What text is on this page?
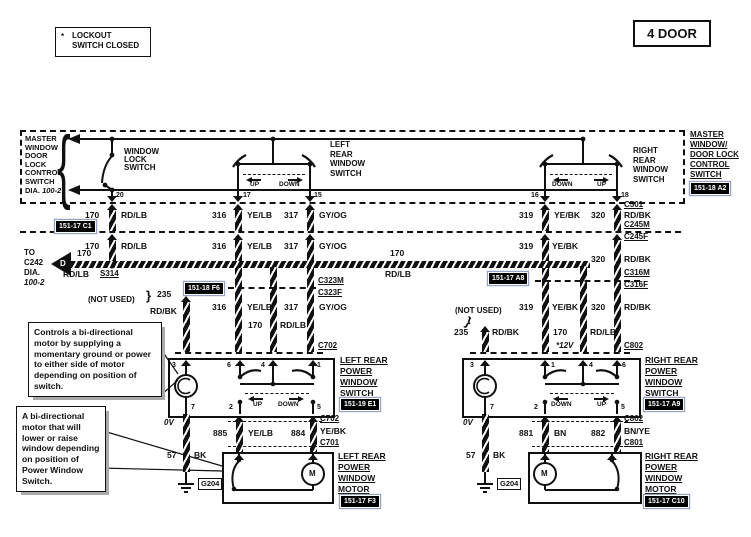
* LOCKOUT
SWITCH CLOSED
4 DOOR
MASTER
WINDOW
DOOR
LOCK
CONTROL
SWITCH
DIA. 100-2
{	WINDOW
LOCK
SWITCH
UP	DOWN
LEFT
REAR
WINDOW
SWITCH
DOWN	UP
RIGHT
REAR
WINDOW
SWITCH
MASTER
WINDOW/
DOOR LOCK
CONTROL
SWITCH
151-18 A2
20	17	15	16	18
170	RD/LB	316 YE/LB 317 GY/OG	319 YE/BK 320
C501
RD/BK
151-17 C1	C245M
C245F
170	RD/LB	316 YE/LB 317 GY/OG	319 YE/BK
320 RD/BK
TO
C242
DIA.
100-2
D
170
RD/LB S314
170
RD/LB
151-18 F6
C323M
C323F
C316M
C316F
151-17 A8
316 YE/LB 317 GY/OG
170 RD/LB
319 YE/BK 320 RD/BK
170	RD/LB
*12V
(NOT USED) } 235
RD/BK	(NOT USED)
}
235	RD/BK
C702	C802
3	6	4	1
UP DOWN
7	2	5
LEFT REAR
POWER
WINDOW
SWITCH
151-19 E1
3	1	4	6
DOWN	UP
7	2	5
RIGHT REAR
POWER
WINDOW
SWITCH
151-17 A9
0V
57 BK
G204
885 YE/LB 884
C702
YE/BK
C701
M
LEFT REAR
POWER
WINDOW
MOTOR
151-17 F3
0V
57 BK
G204
881 BN	882
C802
BN/YE
C801
M
RIGHT REAR
POWER
WINDOW
MOTOR
151-17 C10
Controls a bi-directional motor by supplying a momentary ground or power to either side of motor depending on position of switch.
A bi-directional motor that will lower or raise window depending on position of Power Window Switch.
